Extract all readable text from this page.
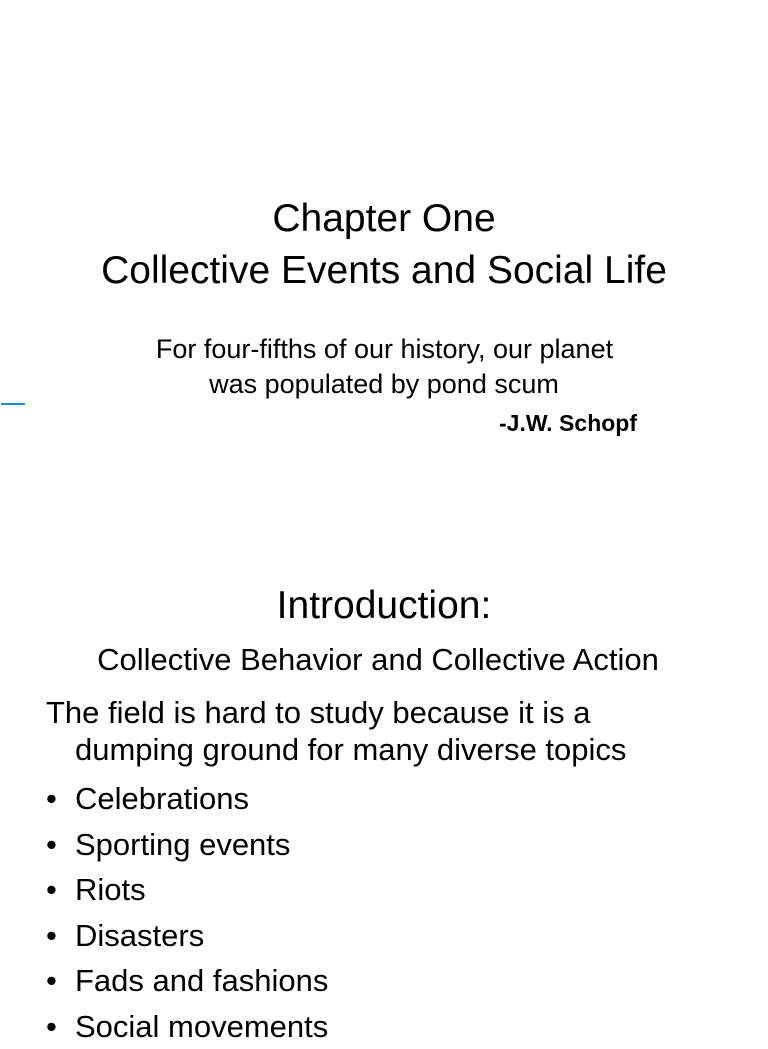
Chapter One
Collective Events and Social Life

For four-fifths of our history, our planet
was populated by pond scum

-J.W. Schopf

Introduction:
Collective Behavior and Collective Action

The field is hard to study because it is a
dumping ground for many diverse topics

• Celebrations
• Sporting events
• Riots
• Disasters
• Fads and fashions
• Social movements
